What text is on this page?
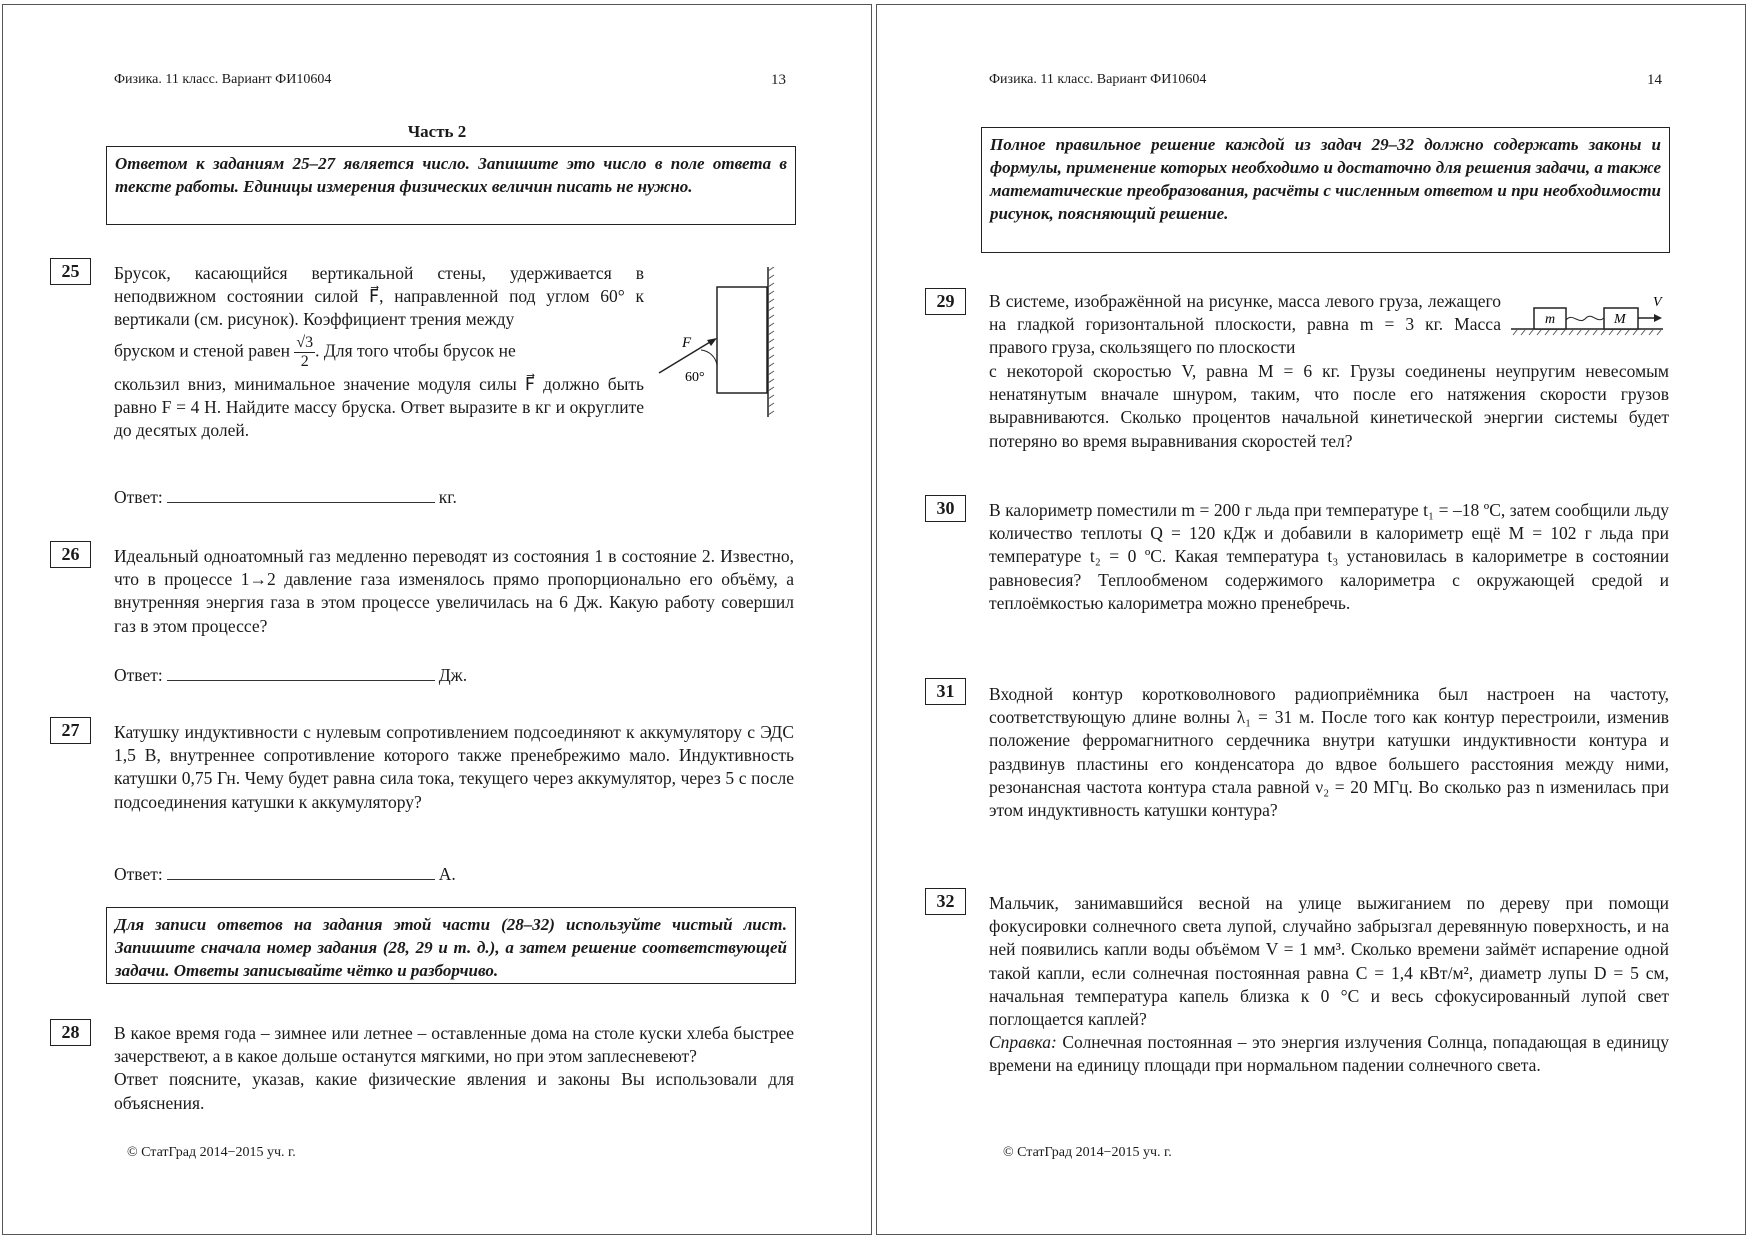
Физика. 11 класс. Вариант ФИ10604	13
Часть 2
Ответом к заданиям 25–27 является число. Запишите это число в поле ответа в тексте работы. Единицы измерения физических величин писать не нужно.
25	Брусок, касающийся вертикальной стены, удерживается в неподвижном состоянии силой F⃗, направленной под углом 60° к вертикали (см. рисунок). Коэффициент трения между

бруском и стеной равен $\frac{√3}{2}$ . Для того чтобы брусок не

скользил вниз, минимальное значение модуля силы F⃗ должно быть равно F = 4 Н. Найдите массу бруска. Ответ выразите в кг и округлите до десятых долей.

F⃗
60°
Ответ:	кг.
26	Идеальный одноатомный газ медленно переводят из состояния 1 в состояние 2. Известно, что в процессе 1→2 давление газа изменялось прямо пропорционально его объёму, а внутренняя энергия газа в этом процессе увеличилась на 6 Дж. Какую работу совершил газ в этом процессе?
Ответ:	Дж.
27	Катушку индуктивности с нулевым сопротивлением подсоединяют к аккумулятору с ЭДС 1,5 В, внутреннее сопротивление которого также пренебрежимо мало. Индуктивность катушки 0,75 Гн. Чему будет равна сила тока, текущего через аккумулятор, через 5 с после подсоединения катушки к аккумулятору?
Ответ:	А.
Для записи ответов на задания этой части (28–32) используйте чистый лист. Запишите сначала номер задания (28, 29 и т. д.), а затем решение соответствующей задачи. Ответы записывайте чётко и разборчиво.
28	В какое время года – зимнее или летнее – оставленные дома на столе куски хлеба быстрее зачерствеют, а в какое дольше останутся мягкими, но при этом заплесневеют?

Ответ поясните, указав, какие физические явления и законы Вы использовали для объяснения.

© СтатГрад 2014−2015 уч. г.
Физика. 11 класс. Вариант ФИ10604	14
Полное правильное решение каждой из задач 29–32 должно содержать законы и формулы, применение которых необходимо и достаточно для решения задачи, а также математические преобразования, расчёты с численным ответом и при необходимости рисунок, поясняющий решение.
29	В системе, изображённой на рисунке, масса левого груза, лежащего на гладкой горизонтальной плоскости, равна m = 3 кг. Масса правого груза, скользящего по плоскости
m	M
V
с некоторой скоростью V, равна M = 6 кг. Грузы соединены неупругим невесомым ненатянутым вначале шнуром, таким, что после его натяжения скорости грузов выравниваются. Сколько процентов начальной кинетической энергии системы будет потеряно во время выравнивания скоростей тел?
30	В калориметр поместили m = 200 г льда при температуре t₁ = –18 ºС, затем сообщили льду количество теплоты Q = 120 кДж и добавили в калориметр ещё M = 102 г льда при температуре t₂ = 0 ºС. Какая температура t₃ установилась в калориметре в состоянии равновесия? Теплообменом содержимого калориметра с окружающей средой и теплоёмкостью калориметра можно пренебречь.
31	Входной контур коротковолнового радиоприёмника был настроен на частоту, соответствующую длине волны λ₁ = 31 м. После того как контур перестроили, изменив положение ферромагнитного сердечника внутри катушки индуктивности контура и раздвинув пластины его конденсатора до вдвое большего расстояния между ними, резонансная частота контура стала равной ν₂ = 20 МГц. Во сколько раз n изменилась при этом индуктивность катушки контура?
32	Мальчик, занимавшийся весной на улице выжиганием по дереву при помощи фокусировки солнечного света лупой, случайно забрызгал деревянную поверхность, и на ней появились капли воды объёмом V = 1 мм³. Сколько времени займёт испарение одной такой капли, если солнечная постоянная равна C = 1,4 кВт/м², диаметр лупы D = 5 см, начальная температура капель близка к 0 °С и весь сфокусированный лупой свет поглощается каплей?

Справка: Солнечная постоянная – это энергия излучения Солнца, попадающая в единицу времени на единицу площади при нормальном падении солнечного света.

© СтатГрад 2014−2015 уч. г.
